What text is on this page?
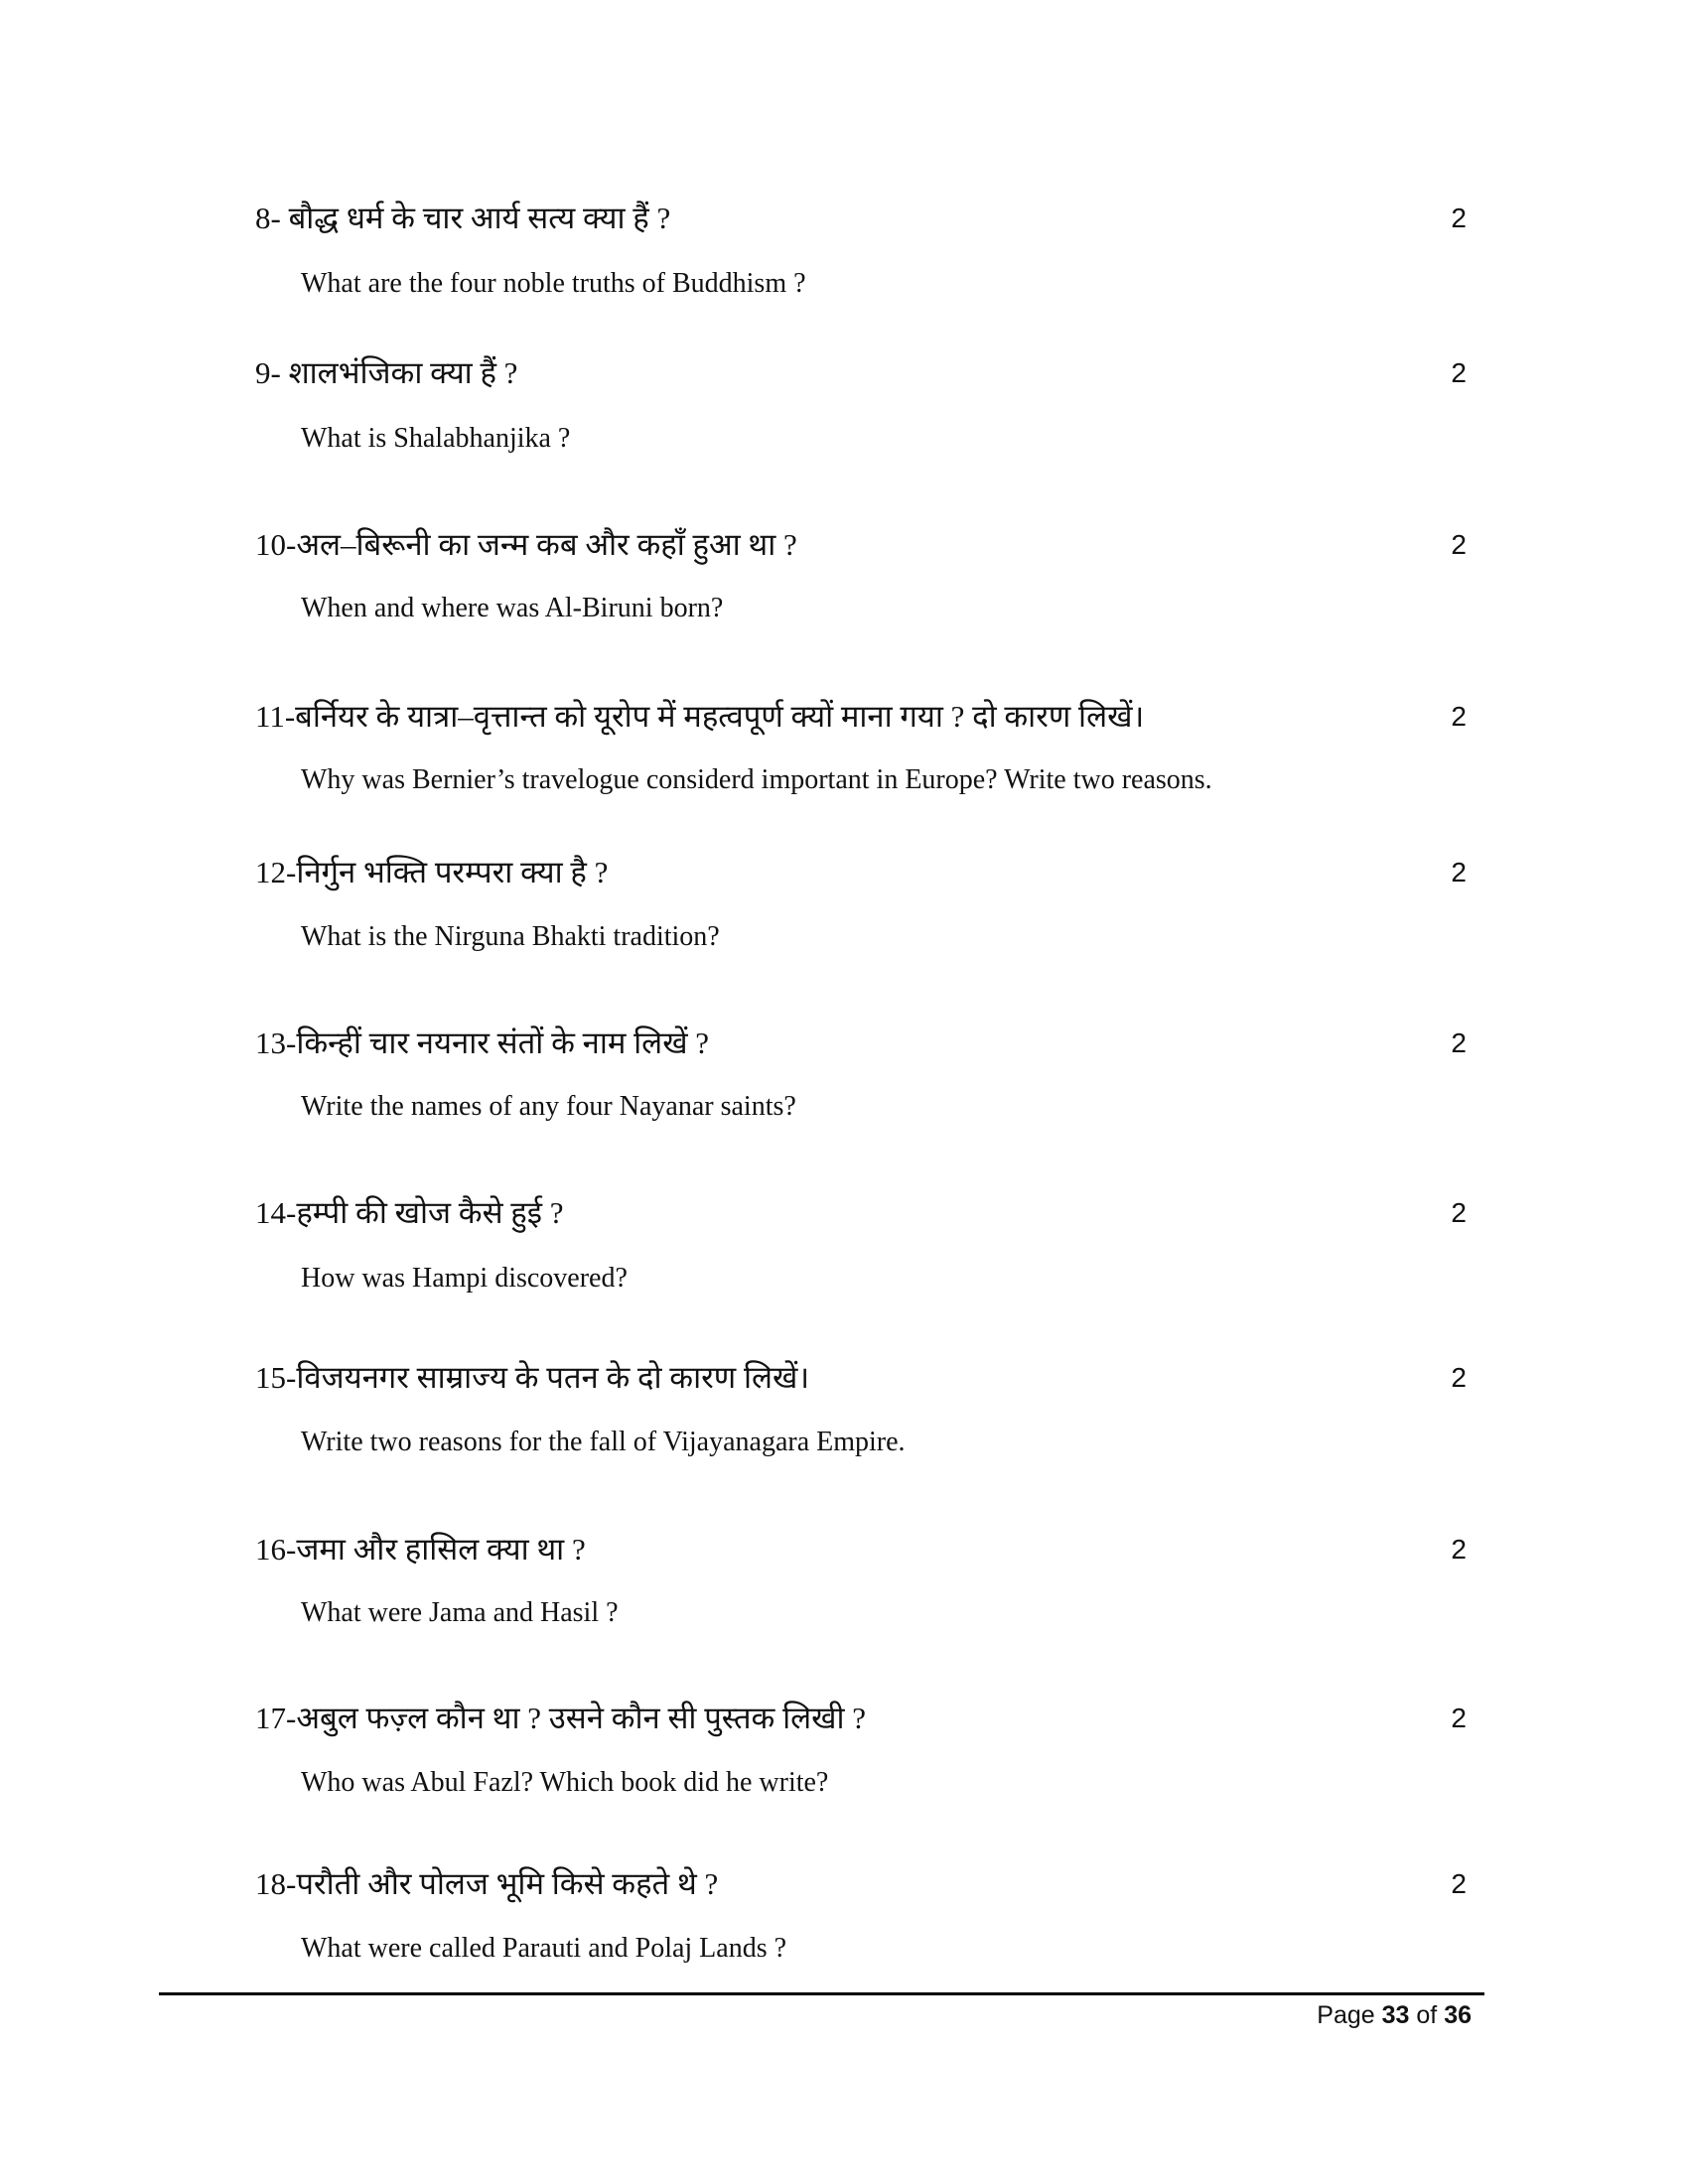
8- बौद्ध धर्म के चार आर्य सत्य क्या हैं ?	2
What are the four noble truths of Buddhism ?
9- शालभंजिका क्या हैं ?	2
What is Shalabhanjika ?
10-अल–बिरूनी का जन्म कब और कहाँ हुआ था ?	2
When and where was Al-Biruni born?
11-बर्नियर के यात्रा–वृत्तान्त को यूरोप में महत्वपूर्ण क्यों माना गया ? दो कारण लिखें।	2
Why was Bernier’s travelogue considerd important in Europe? Write two reasons.
12-निर्गुन भक्ति परम्परा क्या है ?	2
What is the Nirguna Bhakti tradition?
13-किन्हीं चार नयनार संतों के नाम लिखें ?	2
Write the names of any four Nayanar saints?
14-हम्पी की खोज कैसे हुई ?	2
How was Hampi discovered?
15-विजयनगर साम्राज्य के पतन के दो कारण लिखें।	2
Write two reasons for the fall of Vijayanagara Empire.
16-जमा और हासिल क्या था ?	2
What were Jama and Hasil ?
17-अबुल फज़्ल कौन था ? उसने कौन सी पुस्तक लिखी ?	2
Who was Abul Fazl? Which book did he write?
18-परौती और पोलज भूमि किसे कहते थे ?	2
What were called Parauti and Polaj Lands ?
Page 33 of 36
